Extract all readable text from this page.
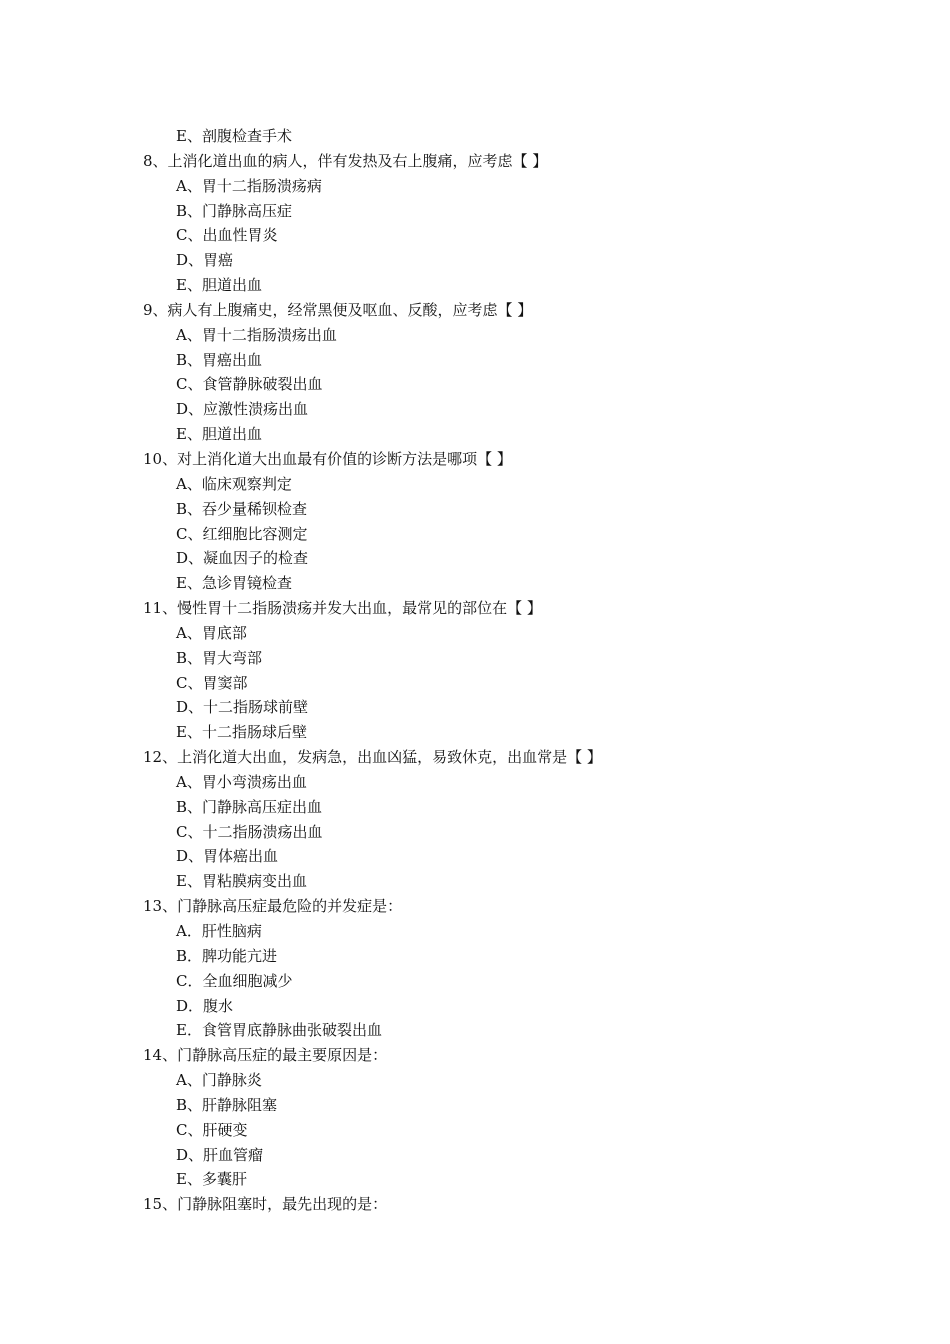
E、剖腹检查手术
8、上消化道出血的病人，伴有发热及右上腹痛，应考虑【 】
A、胃十二指肠溃疡病
B、门静脉高压症
C、出血性胃炎
D、胃癌
E、胆道出血
9、病人有上腹痛史，经常黑便及呕血、反酸，应考虑【 】
A、胃十二指肠溃疡出血
B、胃癌出血
C、食管静脉破裂出血
D、应激性溃疡出血
E、胆道出血
10、对上消化道大出血最有价值的诊断方法是哪项【 】
A、临床观察判定
B、吞少量稀钡检查
C、红细胞比容测定
D、凝血因子的检查
E、急诊胃镜检查
11、慢性胃十二指肠溃疡并发大出血，最常见的部位在【 】
A、胃底部
B、胃大弯部
C、胃窦部
D、十二指肠球前壁
E、十二指肠球后壁
12、上消化道大出血，发病急，出血凶猛，易致休克，出血常是【 】
A、胃小弯溃疡出血
B、门静脉高压症出血
C、十二指肠溃疡出血
D、胃体癌出血
E、胃粘膜病变出血
13、门静脉高压症最危险的并发症是：
A．肝性脑病
B．脾功能亢进
C．全血细胞减少
D．腹水
E．食管胃底静脉曲张破裂出血
14、门静脉高压症的最主要原因是：
A、门静脉炎
B、肝静脉阻塞
C、肝硬变
D、肝血管瘤
E、多囊肝
15、门静脉阻塞时，最先出现的是：
